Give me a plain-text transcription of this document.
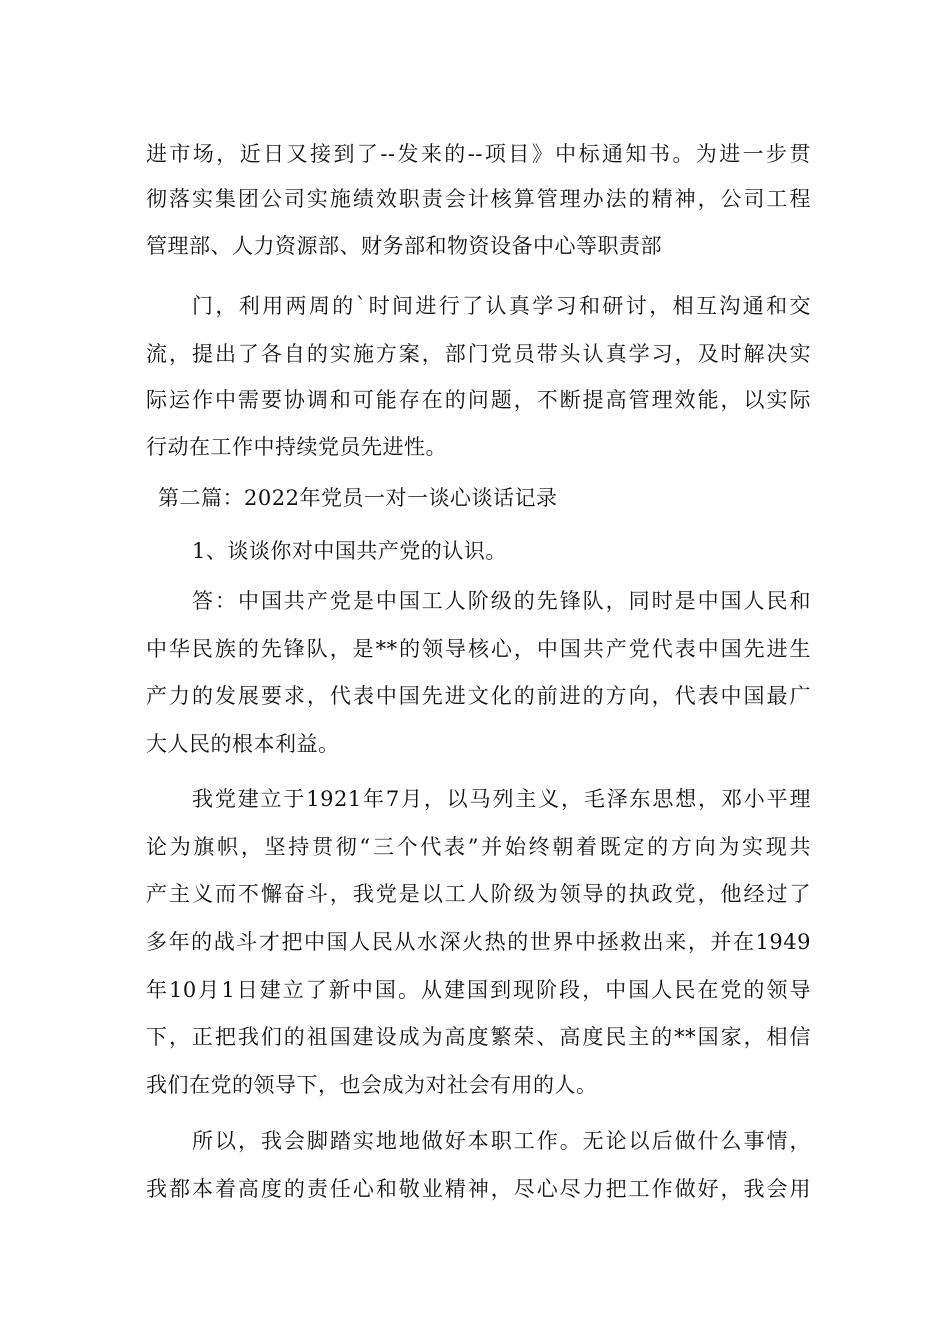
进市场，近日又接到了--发来的--项目》中标通知书。为进一步贯
彻落实集团公司实施绩效职责会计核算管理办法的精神，公司工程
管理部、人力资源部、财务部和物资设备中心等职责部
门，利用两周的`时间进行了认真学习和研讨，相互沟通和交
流，提出了各自的实施方案，部门党员带头认真学习，及时解决实
际运作中需要协调和可能存在的问题，不断提高管理效能，以实际
行动在工作中持续党员先进性。
第二篇：2022年党员一对一谈心谈话记录
1、谈谈你对中国共产党的认识。
答：中国共产党是中国工人阶级的先锋队，同时是中国人民和
中华民族的先锋队，是**的领导核心，中国共产党代表中国先进生
产力的发展要求，代表中国先进文化的前进的方向，代表中国最广
大人民的根本利益。
我党建立于1921年7月，以马列主义，毛泽东思想，邓小平理
论为旗帜，坚持贯彻“三个代表”并始终朝着既定的方向为实现共
产主义而不懈奋斗，我党是以工人阶级为领导的执政党，他经过了
多年的战斗才把中国人民从水深火热的世界中拯救出来，并在1949
年10月1日建立了新中国。从建国到现阶段，中国人民在党的领导
下，正把我们的祖国建设成为高度繁荣、高度民主的**国家，相信
我们在党的领导下，也会成为对社会有用的人。
所以，我会脚踏实地地做好本职工作。无论以后做什么事情，
我都本着高度的责任心和敬业精神，尽心尽力把工作做好，我会用
